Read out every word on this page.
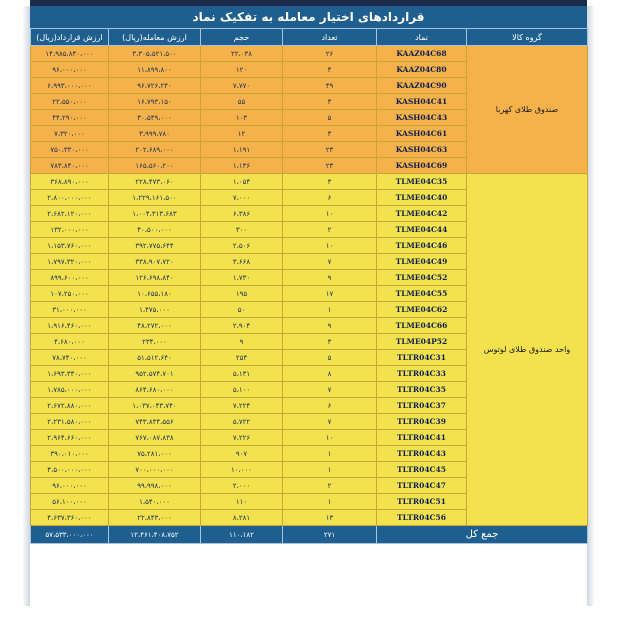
قراردادهای اختیار معامله به تفکیک نماد
ارزش قرارداد(ریال)	ارزش معامله(ریال)	حجم	تعداد	نماد	گروه کالا
۱۴،۹۸۵،۸۴۰،۰۰۰	۳،۳۰۵،۵۲۱،۵۰۰	۲۲،۰۳۸	۲۶	KAAZ04C68	صندوق طلای کهربا
۹۶،۰۰۰،۰۰۰	۱۱،۸۹۹،۸۰۰	۱۲۰	۴	KAAZ04C80	
۶،۹۹۳،۰۰۰،۰۰۰	۹۶،۷۲۶،۲۴۰	۷،۷۷۰	۴۹	KAAZ04C90	
۲۲،۵۵۰،۰۰۰	۱۶،۷۹۳،۱۵۰	۵۵	۳	KASH04C41	
۴۴،۲۹۰،۰۰۰	۳۰،۵۴۹،۰۰۰	۱۰۳	۵	KASH04C43	
۷،۳۲۰،۰۰۰	۳،۹۹۹،۷۸۰	۱۲	۳	KASH04C61	
۷۵۰،۳۳۰،۰۰۰	۲۰۲،۶۸۹،۰۰۰	۱،۱۹۱	۲۳	KASH04C63	
۷۸۳،۸۴۰،۰۰۰	۱۶۵،۵۶۰،۲۰۰	۱،۱۳۶	۲۳	KASH04C69	
۳۶۸،۸۹۰،۰۰۰	۲۲۸،۴۷۳،۰۶۰	۱،۰۵۴	۳	TLME04C35	واحد صندوق طلای لوتوس
۲،۸۰۰،۰۰۰،۰۰۰	۱،۲۲۹،۱۶۱،۵۰۰	۷،۰۰۰	۶	TLME04C40	
۲،۶۸۲،۱۲۰،۰۰۰	۱،۰۰۴،۳۱۳،۶۸۳	۶،۳۸۶	۱۰	TLME04C42	
۱۳۲،۰۰۰،۰۰۰	۴۰،۵۰۰،۰۰۰	۳۰۰	۲	TLME04C44	
۱،۱۵۳،۷۶۰،۰۰۰	۳۹۲،۷۷۵،۶۴۴	۲،۵۰۶	۱۰	TLME04C46	
۱،۷۹۷،۳۲۰،۰۰۰	۳۳۸،۹۰۷،۷۲۰	۳،۶۶۸	۷	TLME04C49	
۸۹۹،۶۰۰،۰۰۰	۱۲۶،۶۹۸،۸۴۰	۱،۷۳۰	۹	TLME04C52	
۱۰۷،۲۵۰،۰۰۰	۱۰،۶۵۵،۱۸۰	۱۹۵	۱۷	TLME04C55	
۳۱،۰۰۰،۰۰۰	۱،۴۷۵،۰۰۰	۵۰	۱	TLME04C62	
۱،۹۱۶،۴۶۰،۰۰۰	۴۸،۲۷۲،۰۰۰	۲،۹۰۴	۹	TLME04C66	
۴،۶۸۰،۰۰۰	۲۳۴،۰۰۰	۹	۳	TLME04P52	
۷۸،۷۴۰،۰۰۰	۵۱،۵۱۲،۶۴۰	۲۵۴	۵	TLTR04C31	
۱،۶۹۳،۳۳۰،۰۰۰	۹۵۲،۵۷۴،۷۰۱	۵،۱۳۱	۸	TLTR04C33	
۱،۷۸۵،۰۰۰،۰۰۰	۸۶۴،۶۸۰،۰۰۰	۵،۱۰۰	۷	TLTR04C35	
۲،۶۷۲،۸۸۰،۰۰۰	۱،۰۳۷،۰۴۳،۷۴۰	۷،۲۲۴	۶	TLTR04C37	
۲،۲۳۱،۵۸۰،۰۰۰	۷۴۳،۸۴۴،۵۵۶	۵،۷۲۲	۷	TLTR04C39	
۲،۹۶۴،۶۶۰،۰۰۰	۷۶۷،۰۸۷،۸۳۸	۷،۲۲۶	۱۰	TLTR04C41	
۳۹۰،۰۱۰،۰۰۰	۷۵،۲۸۱،۰۰۰	۹۰۷	۱	TLTR04C43	
۴،۵۰۰،۰۰۰،۰۰۰	۷۰۰،۰۰۰،۰۰۰	۱۰،۰۰۰	۱	TLTR04C45	
۹۶،۰۰۰،۰۰۰	۹۹،۹۹۸،۰۰۰	۲،۰۰۰	۲	TLTR04C47	
۵۶،۱۰۰،۰۰۰	۱،۵۴۰،۰۰۰	۱۱۰	۱	TLTR04C51	
۴،۶۳۷،۳۶۰،۰۰۰	۲۲،۸۴۳،۰۰۰	۸،۲۸۱	۱۳	TLTR04C56	
۵۷،۵۳۳،۰۰۰،۰۰۰	۱۲،۴۶۱،۴۰۸،۷۵۲	۱۱۰،۱۸۲	۲۷۱	جمع کل	
